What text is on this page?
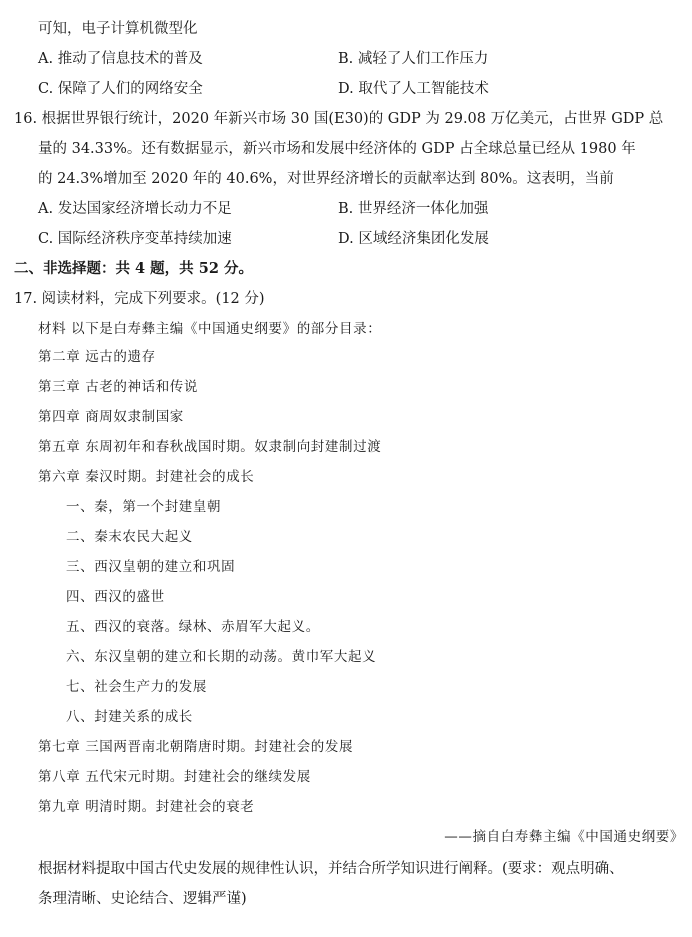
可知，电子计算机微型化
A. 推动了信息技术的普及	B. 减轻了人们工作压力
C. 保障了人们的网络安全	D. 取代了人工智能技术
16. 根据世界银行统计，2020 年新兴市场 30 国(E30)的 GDP 为 29.08 万亿美元，占世界 GDP 总
量的 34.33%。还有数据显示，新兴市场和发展中经济体的 GDP 占全球总量已经从 1980 年
的 24.3%增加至 2020 年的 40.6%，对世界经济增长的贡献率达到 80%。这表明，当前
A. 发达国家经济增长动力不足	B. 世界经济一体化加强
C. 国际经济秩序变革持续加速	D. 区域经济集团化发展
二、非选择题：共 4 题，共 52 分。
17. 阅读材料，完成下列要求。(12 分)
材料 以下是白寿彝主编《中国通史纲要》的部分目录：
第二章 远古的遗存
第三章 古老的神话和传说
第四章 商周奴隶制国家
第五章 东周初年和春秋战国时期。奴隶制向封建制过渡
第六章 秦汉时期。封建社会的成长
一、秦，第一个封建皇朝
二、秦末农民大起义
三、西汉皇朝的建立和巩固
四、西汉的盛世
五、西汉的衰落。绿林、赤眉军大起义。
六、东汉皇朝的建立和长期的动荡。黄巾军大起义
七、社会生产力的发展
八、封建关系的成长
第七章 三国两晋南北朝隋唐时期。封建社会的发展
第八章 五代宋元时期。封建社会的继续发展
第九章 明清时期。封建社会的衰老
——摘自白寿彝主编《中国通史纲要》
根据材料提取中国古代史发展的规律性认识，并结合所学知识进行阐释。(要求：观点明确、
条理清晰、史论结合、逻辑严谨)
